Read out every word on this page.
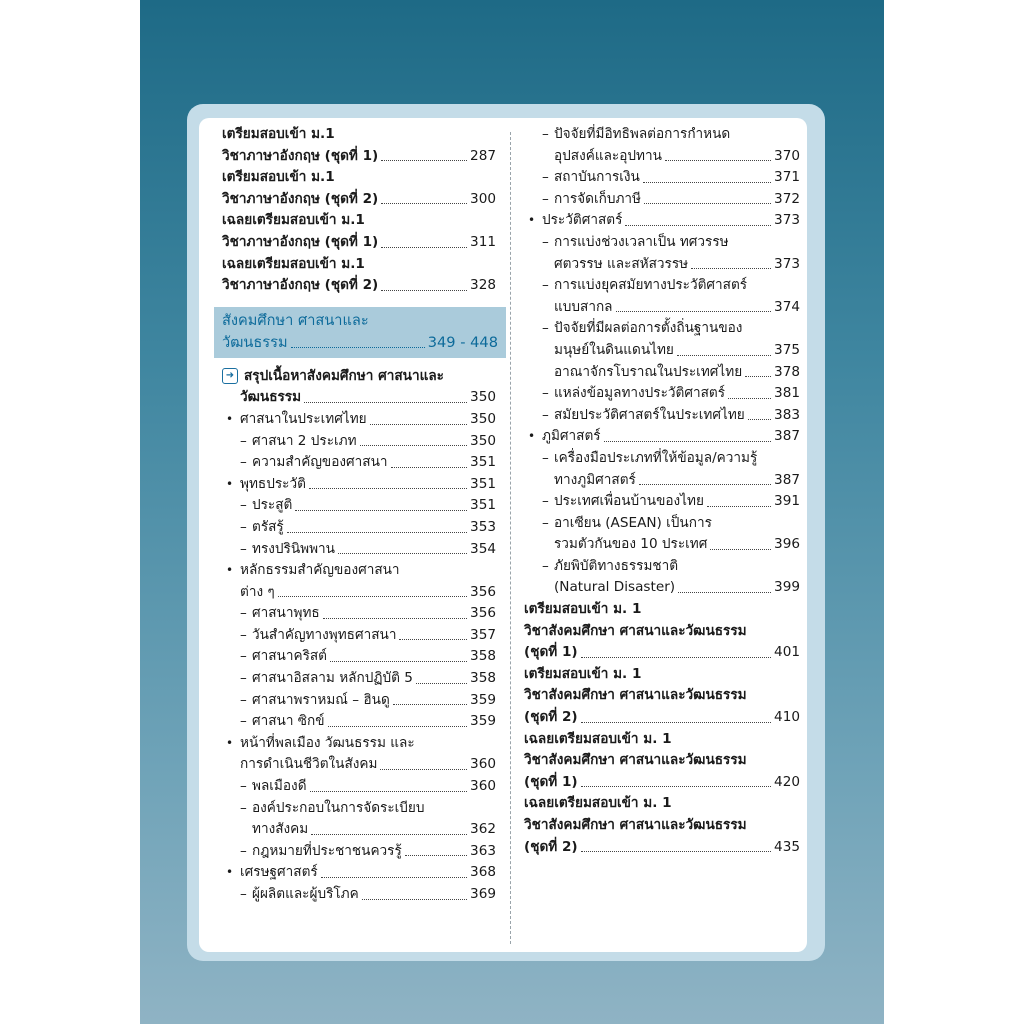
เตรียมสอบเข้า ม.1
วิชาภาษาอังกฤษ (ชุดที่ 1)	287
เตรียมสอบเข้า ม.1
วิชาภาษาอังกฤษ (ชุดที่ 2)	300
เฉลยเตรียมสอบเข้า ม.1
วิชาภาษาอังกฤษ (ชุดที่ 1)	311
เฉลยเตรียมสอบเข้า ม.1
วิชาภาษาอังกฤษ (ชุดที่ 2)	328
สังคมศึกษา ศาสนาและ
วัฒนธรรม	349 - 448
➜ สรุปเนื้อหาสังคมศึกษา ศาสนาและ
วัฒนธรรม	350
• ศาสนาในประเทศไทย	350
– ศาสนา 2 ประเภท	350
– ความสำคัญของศาสนา	351
• พุทธประวัติ	351
– ประสูติ	351
– ตรัสรู้	353
– ทรงปรินิพพาน	354
• หลักธรรมสำคัญของศาสนา
ต่าง ๆ	356
– ศาสนาพุทธ	356
– วันสำคัญทางพุทธศาสนา	357
– ศาสนาคริสต์	358
– ศาสนาอิสลาม หลักปฏิบัติ 5	358
– ศาสนาพราหมณ์ – ฮินดู	359
– ศาสนา ซิกข์	359
• หน้าที่พลเมือง วัฒนธรรม และ
การดำเนินชีวิตในสังคม	360
– พลเมืองดี	360
– องค์ประกอบในการจัดระเบียบ
ทางสังคม	362
– กฎหมายที่ประชาชนควรรู้	363
• เศรษฐศาสตร์	368
– ผู้ผลิตและผู้บริโภค	369
– ปัจจัยที่มีอิทธิพลต่อการกำหนด
อุปสงค์และอุปทาน	370
– สถาบันการเงิน	371
– การจัดเก็บภาษี	372
• ประวัติศาสตร์	373
– การแบ่งช่วงเวลาเป็น ทศวรรษ
ศตวรรษ และสหัสวรรษ	373
– การแบ่งยุคสมัยทางประวัติศาสตร์
แบบสากล	374
– ปัจจัยที่มีผลต่อการตั้งถิ่นฐานของ
มนุษย์ในดินแดนไทย	375
อาณาจักรโบราณในประเทศไทย 378
– แหล่งข้อมูลทางประวัติศาสตร์	381
– สมัยประวัติศาสตร์ในประเทศไทย 383
• ภูมิศาสตร์	387
– เครื่องมือประเภทที่ให้ข้อมูล/ความรู้
ทางภูมิศาสตร์	387
– ประเทศเพื่อนบ้านของไทย	391
– อาเซียน (ASEAN) เป็นการ
รวมตัวกันของ 10 ประเทศ	396
– ภัยพิบัติทางธรรมชาติ
(Natural Disaster)	399
เตรียมสอบเข้า ม. 1
วิชาสังคมศึกษา ศาสนาและวัฒนธรรม
(ชุดที่ 1)	401
เตรียมสอบเข้า ม. 1
วิชาสังคมศึกษา ศาสนาและวัฒนธรรม
(ชุดที่ 2)	410
เฉลยเตรียมสอบเข้า ม. 1
วิชาสังคมศึกษา ศาสนาและวัฒนธรรม
(ชุดที่ 1)	420
เฉลยเตรียมสอบเข้า ม. 1
วิชาสังคมศึกษา ศาสนาและวัฒนธรรม
(ชุดที่ 2)	435
